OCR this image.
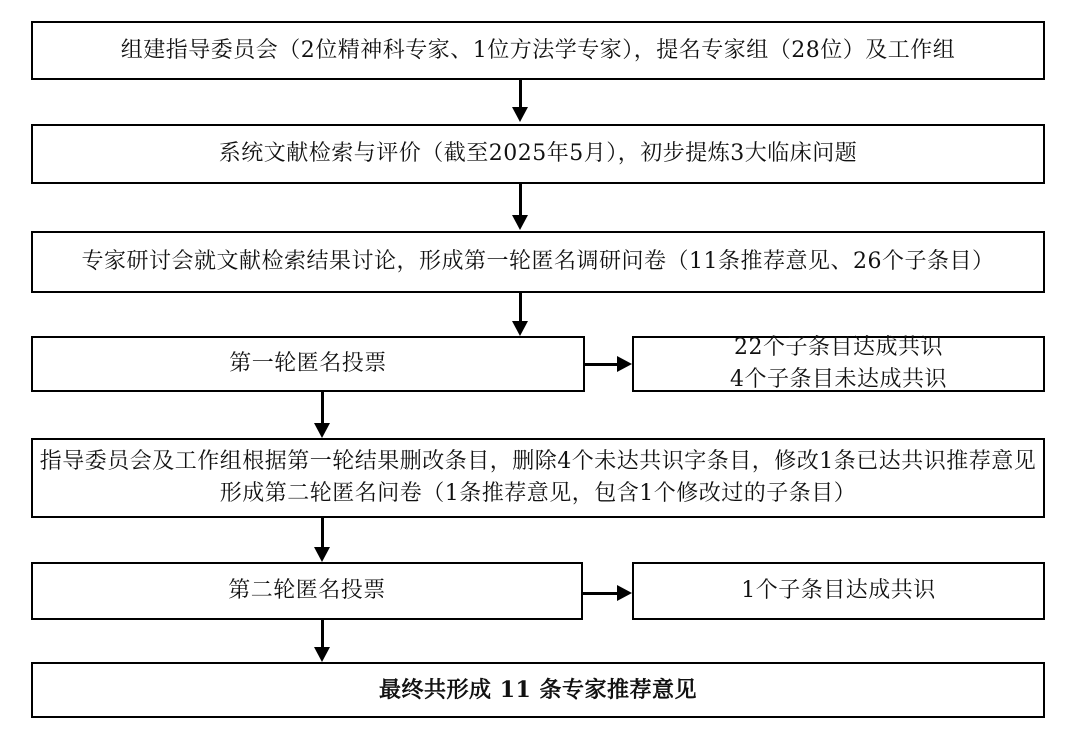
组建指导委员会（2位精神科专家、1位方法学专家），提名专家组（28位）及工作组
系统文献检索与评价（截至2025年5月），初步提炼3大临床问题
专家研讨会就文献检索结果讨论，形成第一轮匿名调研问卷（11条推荐意见、26个子条目）
第一轮匿名投票
22个子条目达成共识
4个子条目未达成共识
指导委员会及工作组根据第一轮结果删改条目，删除4个未达共识字条目，修改1条已达共识推荐意见
形成第二轮匿名问卷（1条推荐意见，包含1个修改过的子条目）
第二轮匿名投票	1个子条目达成共识
最终共形成 11 条专家推荐意见
